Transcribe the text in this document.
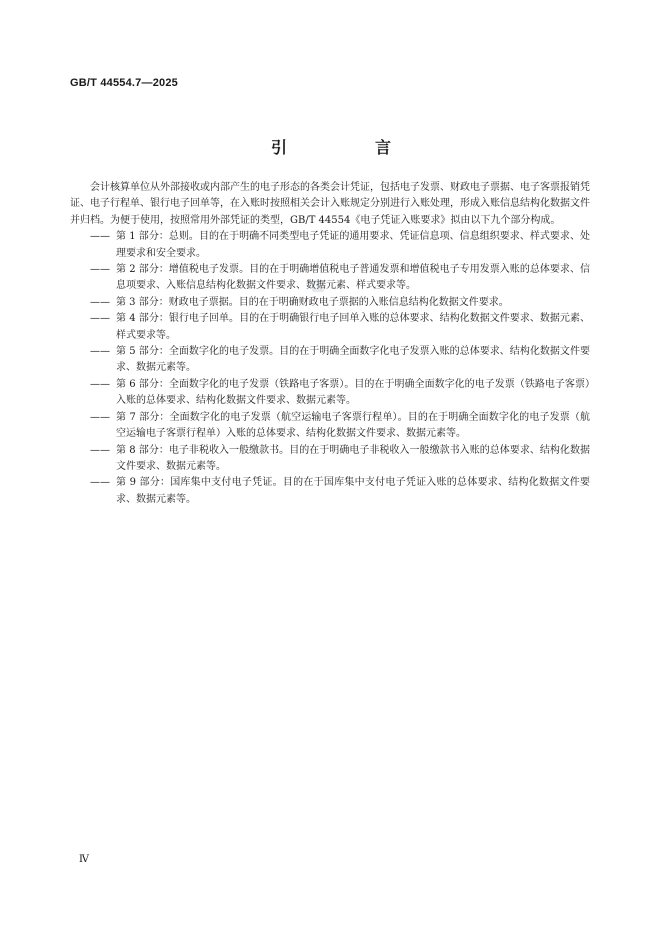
GB/T 44554.7—2025
引　言

会计核算单位从外部接收或内部产生的电子形态的各类会计凭证，包括电子发票、财政电子票据、电子客票报销凭证、电子行程单、银行电子回单等，在入账时按照相关会计入账规定分别进行入账处理，形成入账信息结构化数据文件并归档。为便于使用，按照常用外部凭证的类型，GB/T 44554《电子凭证入账要求》拟由以下九个部分构成。

—— 第 1 部分：总则。目的在于明确不同类型电子凭证的通用要求、凭证信息项、信息组织要求、样式要求、处理要求和安全要求。
—— 第 2 部分：增值税电子发票。目的在于明确增值税电子普通发票和增值税电子专用发票入账的总体要求、信息项要求、入账信息结构化数据文件要求、数据元素、样式要求等。
—— 第 3 部分：财政电子票据。目的在于明确财政电子票据的入账信息结构化数据文件要求。
—— 第 4 部分：银行电子回单。目的在于明确银行电子回单入账的总体要求、结构化数据文件要求、数据元素、样式要求等。
—— 第 5 部分：全面数字化的电子发票。目的在于明确全面数字化电子发票入账的总体要求、结构化数据文件要求、数据元素等。
—— 第 6 部分：全面数字化的电子发票（铁路电子客票）。目的在于明确全面数字化的电子发票（铁路电子客票）入账的总体要求、结构化数据文件要求、数据元素等。
—— 第 7 部分：全面数字化的电子发票（航空运输电子客票行程单）。目的在于明确全面数字化的电子发票（航空运输电子客票行程单）入账的总体要求、结构化数据文件要求、数据元素等。
—— 第 8 部分：电子非税收入一般缴款书。目的在于明确电子非税收入一般缴款书入账的总体要求、结构化数据文件要求、数据元素等。
—— 第 9 部分：国库集中支付电子凭证。目的在于国库集中支付电子凭证入账的总体要求、结构化数据文件要求、数据元素等。
Ⅳ
